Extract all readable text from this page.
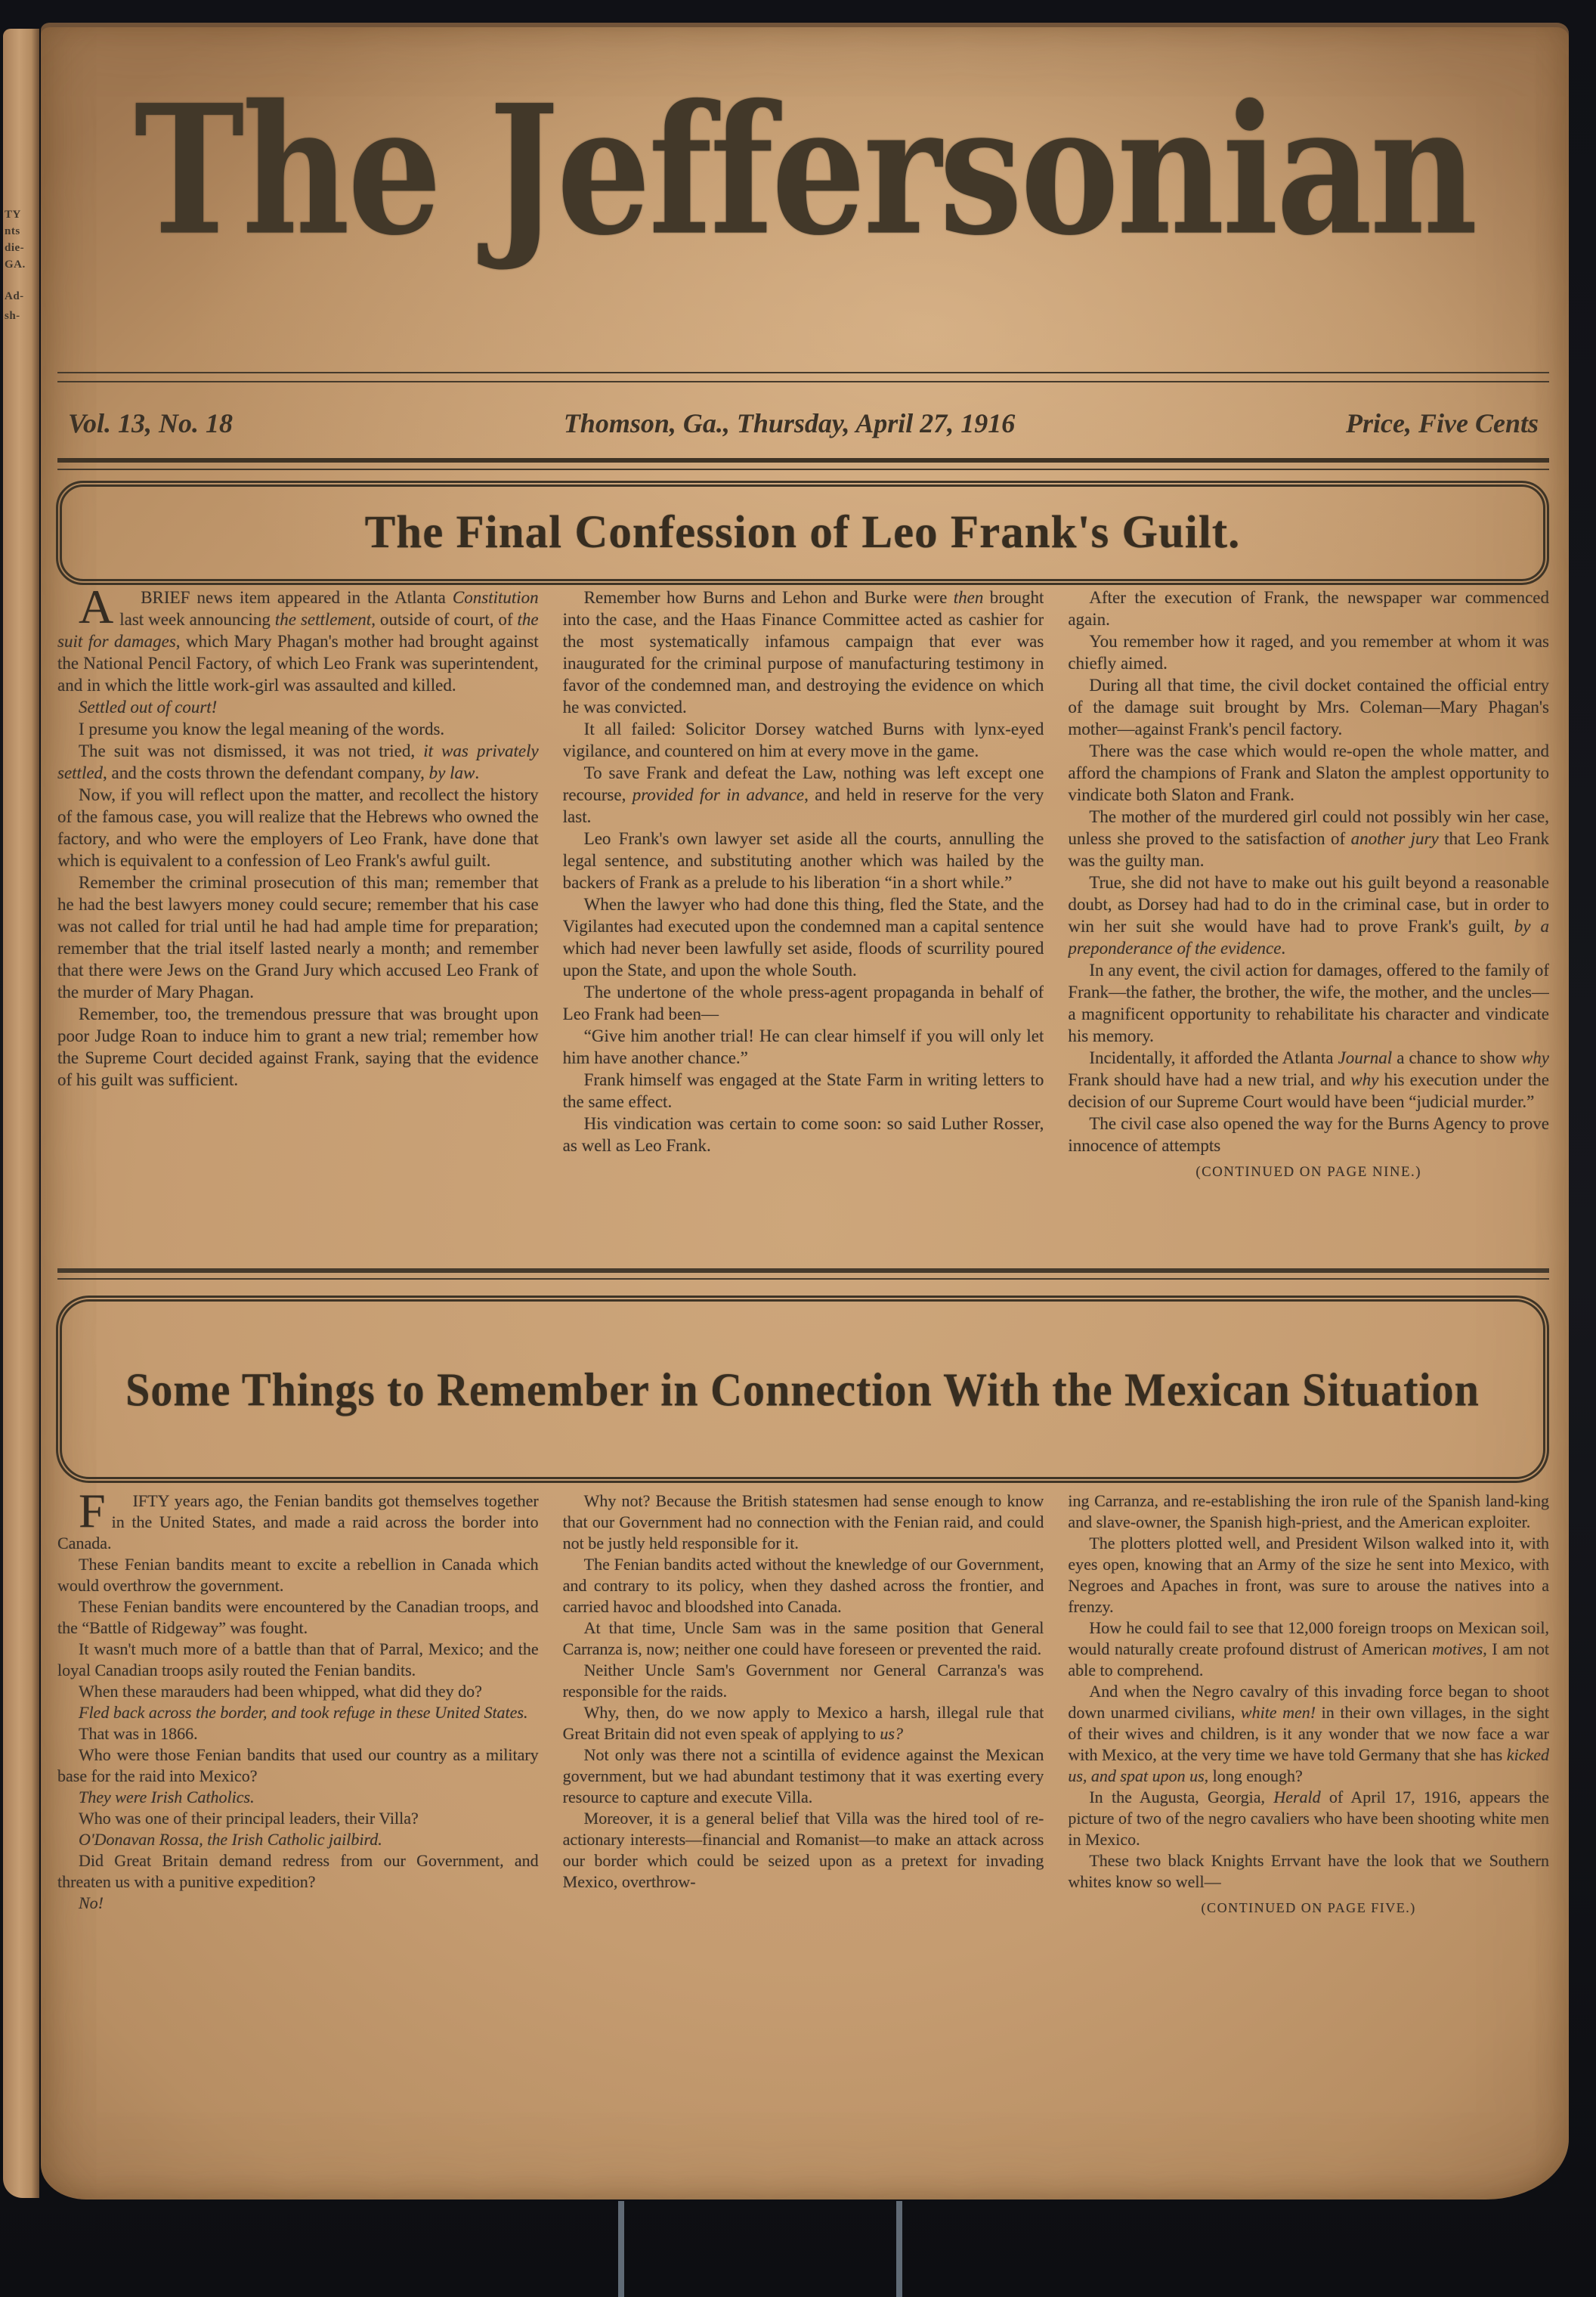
TY
nts
die-
GA.
Ad-
sh-
The Jeffersonian
Vol. 13, No. 18	Thomson, Ga., Thursday, April 27, 1916	Price, Five Cents
The Final Confession of Leo Frank's Guilt.

A	BRIEF news item appeared in the Atlanta Constitution last week announcing the settlement, outside of court, of the suit for damages, which Mary Phagan's mother had brought against the National Pencil Factory, of which Leo Frank was superintendent, and in which the little work-girl was assaulted and killed.

Settled out of court!

I presume you know the legal meaning of the words.

The suit was not dismissed, it was not tried, it was privately settled, and the costs thrown the defendant company, by law.

Now, if you will reflect upon the matter, and recollect the history of the famous case, you will realize that the Hebrews who owned the factory, and who were the employers of Leo Frank, have done that which is equivalent to a confession of Leo Frank's awful guilt.

Remember the criminal prosecution of this man; remember that he had the best lawyers money could secure; remember that his case was not called for trial until he had had ample time for preparation; remember that the trial itself lasted nearly a month; and remember that there were Jews on the Grand Jury which accused Leo Frank of the murder of Mary Phagan.

Remember, too, the tremendous pressure that was brought upon poor Judge Roan to induce him to grant a new trial; remember how the Supreme Court decided against Frank, saying that the evidence of his guilt was sufficient.

Remember how Burns and Lehon and Burke were then brought into the case, and the Haas Finance Committee acted as cashier for the most systematically infamous campaign that ever was inaugurated for the criminal purpose of manufacturing testimony in favor of the condemned man, and destroying the evidence on which he was convicted.

It all failed: Solicitor Dorsey watched Burns with lynx-eyed vigilance, and countered on him at every move in the game.

To save Frank and defeat the Law, nothing was left except one recourse, provided for in advance, and held in reserve for the very last.

Leo Frank's own lawyer set aside all the courts, annulling the legal sentence, and substituting another which was hailed by the backers of Frank as a prelude to his liberation “in a short while.”

When the lawyer who had done this thing, fled the State, and the Vigilantes had executed upon the condemned man a capital sentence which had never been lawfully set aside, floods of scurrility poured upon the State, and upon the whole South.

The undertone of the whole press-agent propaganda in behalf of Leo Frank had been—

“Give him another trial! He can clear himself if you will only let him have another chance.”

Frank himself was engaged at the State Farm in writing letters to the same effect.

His vindication was certain to come soon: so said Luther Rosser, as well as Leo Frank.

After the execution of Frank, the newspaper war commenced again.

You remember how it raged, and you remember at whom it was chiefly aimed.

During all that time, the civil docket contained the official entry of the damage suit brought by Mrs. Coleman—Mary Phagan's mother—against Frank's pencil factory.

There was the case which would re-open the whole matter, and afford the champions of Frank and Slaton the amplest opportunity to vindicate both Slaton and Frank.

The mother of the murdered girl could not possibly win her case, unless she proved to the satisfaction of another jury that Leo Frank was the guilty man.

True, she did not have to make out his guilt beyond a reasonable doubt, as Dorsey had had to do in the criminal case, but in order to win her suit she would have had to prove Frank's guilt, by a preponderance of the evidence.

In any event, the civil action for damages, offered to the family of Frank—the father, the brother, the wife, the mother, and the uncles—a magnificent opportunity to rehabilitate his character and vindicate his memory.

Incidentally, it afforded the Atlanta Journal a chance to show why Frank should have had a new trial, and why his execution under the decision of our Supreme Court would have been “judicial murder.”

The civil case also opened the way for the Burns Agency to prove innocence of attempts

(CONTINUED ON PAGE NINE.)

Some Things to Remember in Connection With the Mexican Situation

F	IFTY years ago, the Fenian bandits got themselves together in the United States, and made a raid across the border into Canada.

These Fenian bandits meant to excite a rebellion in Canada which would overthrow the government.

These Fenian bandits were encountered by the Canadian troops, and the “Battle of Ridgeway” was fought.

It wasn't much more of a battle than that of Parral, Mexico; and the loyal Canadian troops asily routed the Fenian bandits.

When these marauders had been whipped, what did they do?

Fled back across the border, and took refuge in these United States.

That was in 1866.

Who were those Fenian bandits that used our country as a military base for the raid into Mexico?

They were Irish Catholics.

Who was one of their principal leaders, their Villa?

O'Donavan Rossa, the Irish Catholic jailbird.

Did Great Britain demand redress from our Government, and threaten us with a punitive expedition?

No!

Why not? Because the British statesmen had sense enough to know that our Government had no connection with the Fenian raid, and could not be justly held responsible for it.

The Fenian bandits acted without the knewledge of our Government, and contrary to its policy, when they dashed across the frontier, and carried havoc and bloodshed into Canada.

At that time, Uncle Sam was in the same position that General Carranza is, now; neither one could have foreseen or prevented the raid.

Neither Uncle Sam's Government nor General Carranza's was responsible for the raids.

Why, then, do we now apply to Mexico a harsh, illegal rule that Great Britain did not even speak of applying to us?

Not only was there not a scintilla of evidence against the Mexican government, but we had abundant testimony that it was exerting every resource to capture and execute Villa.

Moreover, it is a general belief that Villa was the hired tool of re-actionary interests—financial and Romanist—to make an attack across our border which could be seized upon as a pretext for invading Mexico, overthrow-

ing Carranza, and re-establishing the iron rule of the Spanish land-king and slave-owner, the Spanish high-priest, and the American exploiter.

The plotters plotted well, and President Wilson walked into it, with eyes open, knowing that an Army of the size he sent into Mexico, with Negroes and Apaches in front, was sure to arouse the natives into a frenzy.

How he could fail to see that 12,000 foreign troops on Mexican soil, would naturally create profound distrust of American motives, I am not able to comprehend.

And when the Negro cavalry of this invading force began to shoot down unarmed civilians, white men! in their own villages, in the sight of their wives and children, is it any wonder that we now face a war with Mexico, at the very time we have told Germany that she has kicked us, and spat upon us, long enough?

In the Augusta, Georgia, Herald of April 17, 1916, appears the picture of two of the negro cavaliers who have been shooting white men in Mexico.

These two black Knights Errvant have the look that we Southern whites know so well—

(CONTINUED ON PAGE FIVE.)
